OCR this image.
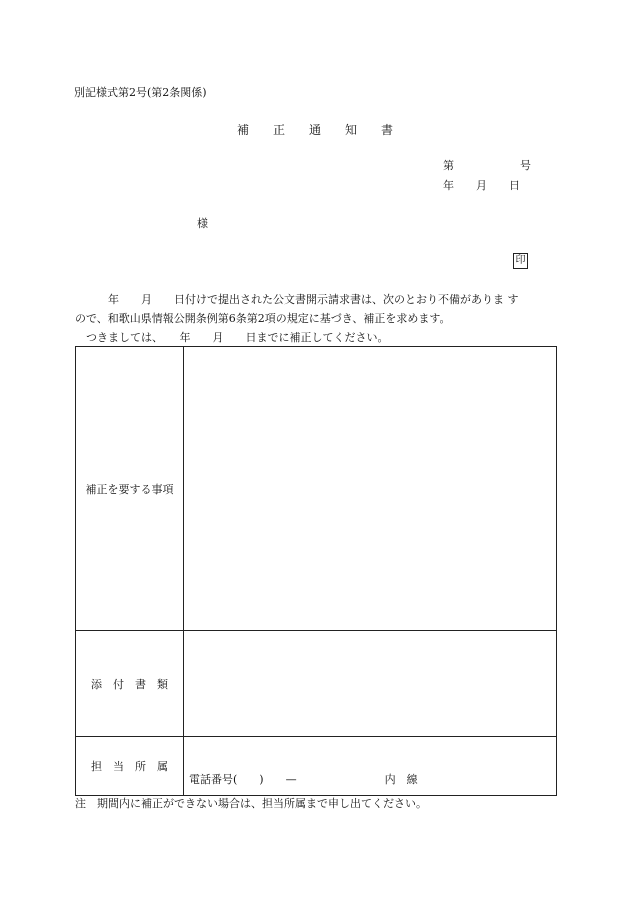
別記様式第2号(第2条関係)
補　　正　　通　　知　　書
第　　　　　　号
年　　月　　日
様
印
　　　年　　月　　日付けで提出された公文書開示請求書は、次のとおり不備がありま す
ので、和歌山県情報公開条例第6条第2項の規定に基づき、補正を求めます。
　つきましては、　　年　　月　　日までに補正してください。
補正を要する事項	
添　付　書　類	
担　当　所　属	電話番号(　　)　　—　　　　　　　　内　線
注　期間内に補正ができない場合は、担当所属まで申し出てください。
